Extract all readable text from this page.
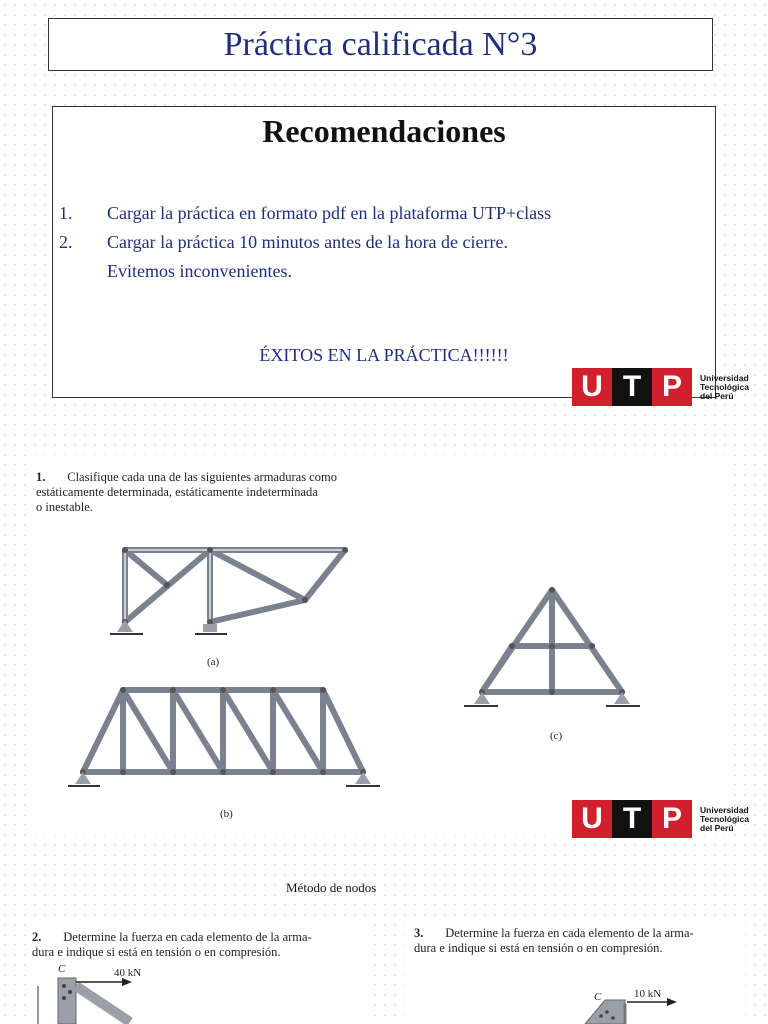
Práctica calificada N°3
Recomendaciones
1. Cargar la práctica en formato pdf en la plataforma UTP+class
2. Cargar la práctica 10 minutos antes de la hora de cierre.
Evitemos inconvenientes.
ÉXITOS EN LA PRÁCTICA!!!!!!
U T P	Universidad
Tecnológica
del Perú
1. Clasifique cada una de las siguientes armaduras como
estáticamente determinada, estáticamente indeterminada
o inestable.
(a)
(b)
(c)
U T P	Universidad
Tecnológica
del Perú
Método de nodos
2. Determine la fuerza en cada elemento de la arma-
dura e indique si está en tensión o en compresión.
C	40 kN
3. Determine la fuerza en cada elemento de la arma-
dura e indique si está en tensión o en compresión.
C	10 kN
